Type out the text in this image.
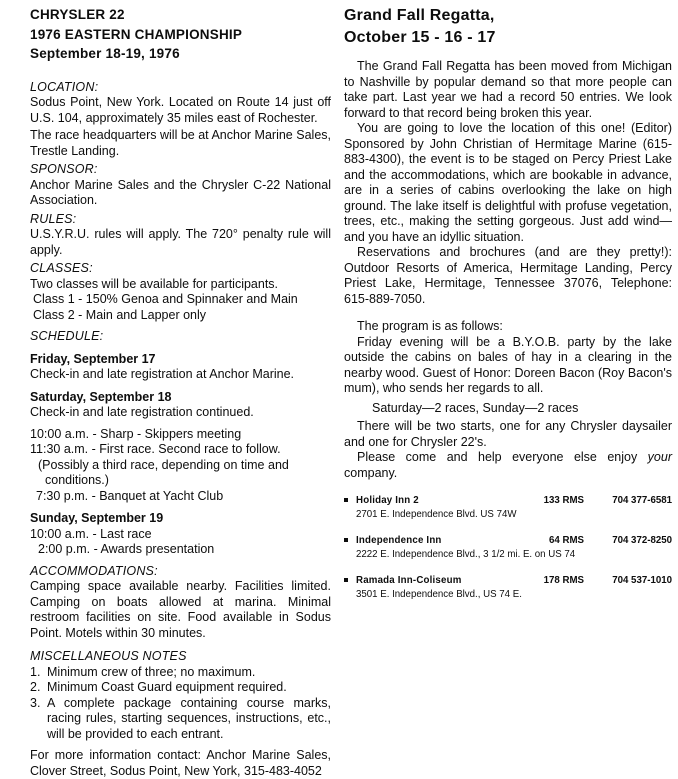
CHRYSLER 22
1976 EASTERN CHAMPIONSHIP
September 18-19, 1976

LOCATION:

Sodus Point, New York. Located on Route 14 just off U.S. 104, approximately 35 miles east of Rochester.

The race headquarters will be at Anchor Marine Sales, Trestle Landing.

SPONSOR:

Anchor Marine Sales and the Chrysler C-22 National Association.

RULES:

U.S.Y.R.U. rules will apply. The 720° penalty rule will apply.

CLASSES:

Two classes will be available for participants.

Class 1 - 150% Genoa and Spinnaker and Main

Class 2 - Main and Lapper only

SCHEDULE:

Friday, September 17

Check-in and late registration at Anchor Marine.

Saturday, September 18

Check-in and late registration continued.

10:00 a.m. - Sharp - Skippers meeting

11:30 a.m. - First race. Second race to follow.

(Possibly a third race, depending on time and

conditions.)

7:30 p.m. - Banquet at Yacht Club

Sunday, September 19

10:00 a.m. - Last race

2:00 p.m. - Awards presentation

ACCOMMODATIONS:

Camping space available nearby. Facilities limited. Camping on boats allowed at marina. Minimal restroom facilities on site. Food available in Sodus Point. Motels within 30 minutes.

MISCELLANEOUS NOTES

1. Minimum crew of three; no maximum.
2. Minimum Coast Guard equipment required.
3. A complete package containing course marks, racing rules, starting sequences, instructions, etc., will be provided to each entrant.

For more information contact: Anchor Marine Sales, Clover Street, Sodus Point, New York, 315-483-4052

Grand Fall Regatta,
October 15 - 16 - 17

The Grand Fall Regatta has been moved from Michigan to Nashville by popular demand so that more people can take part. Last year we had a record 50 entries. We look forward to that record being broken this year.

You are going to love the location of this one! (Editor) Sponsored by John Christian of Hermitage Marine (615-883-4300), the event is to be staged on Percy Priest Lake and the accommodations, which are bookable in advance, are in a series of cabins overlooking the lake on high ground. The lake itself is delightful with profuse vegetation, trees, etc., making the setting gorgeous. Just add wind—and you have an idyllic situation.

Reservations and brochures (and are they pretty!): Outdoor Resorts of America, Hermitage Landing, Percy Priest Lake, Hermitage, Tennessee 37076, Telephone: 615-889-7050.

The program is as follows:

Friday evening will be a B.Y.O.B. party by the lake outside the cabins on bales of hay in a clearing in the nearby wood. Guest of Honor: Doreen Bacon (Roy Bacon's mum), who sends her regards to all.

Saturday—2 races, Sunday—2 races

There will be two starts, one for any Chrysler daysailer and one for Chrysler 22's.

Please come and help everyone else enjoy your company.

Holiday Inn 2	133 RMS	704 377-6581

2701 E. Independence Blvd. US 74W

Independence Inn	64 RMS	704 372-8250

2222 E. Independence Blvd., 3 1/2 mi. E. on US 74

Ramada Inn-Coliseum	178 RMS	704 537-1010

3501 E. Independence Blvd., US 74 E.
